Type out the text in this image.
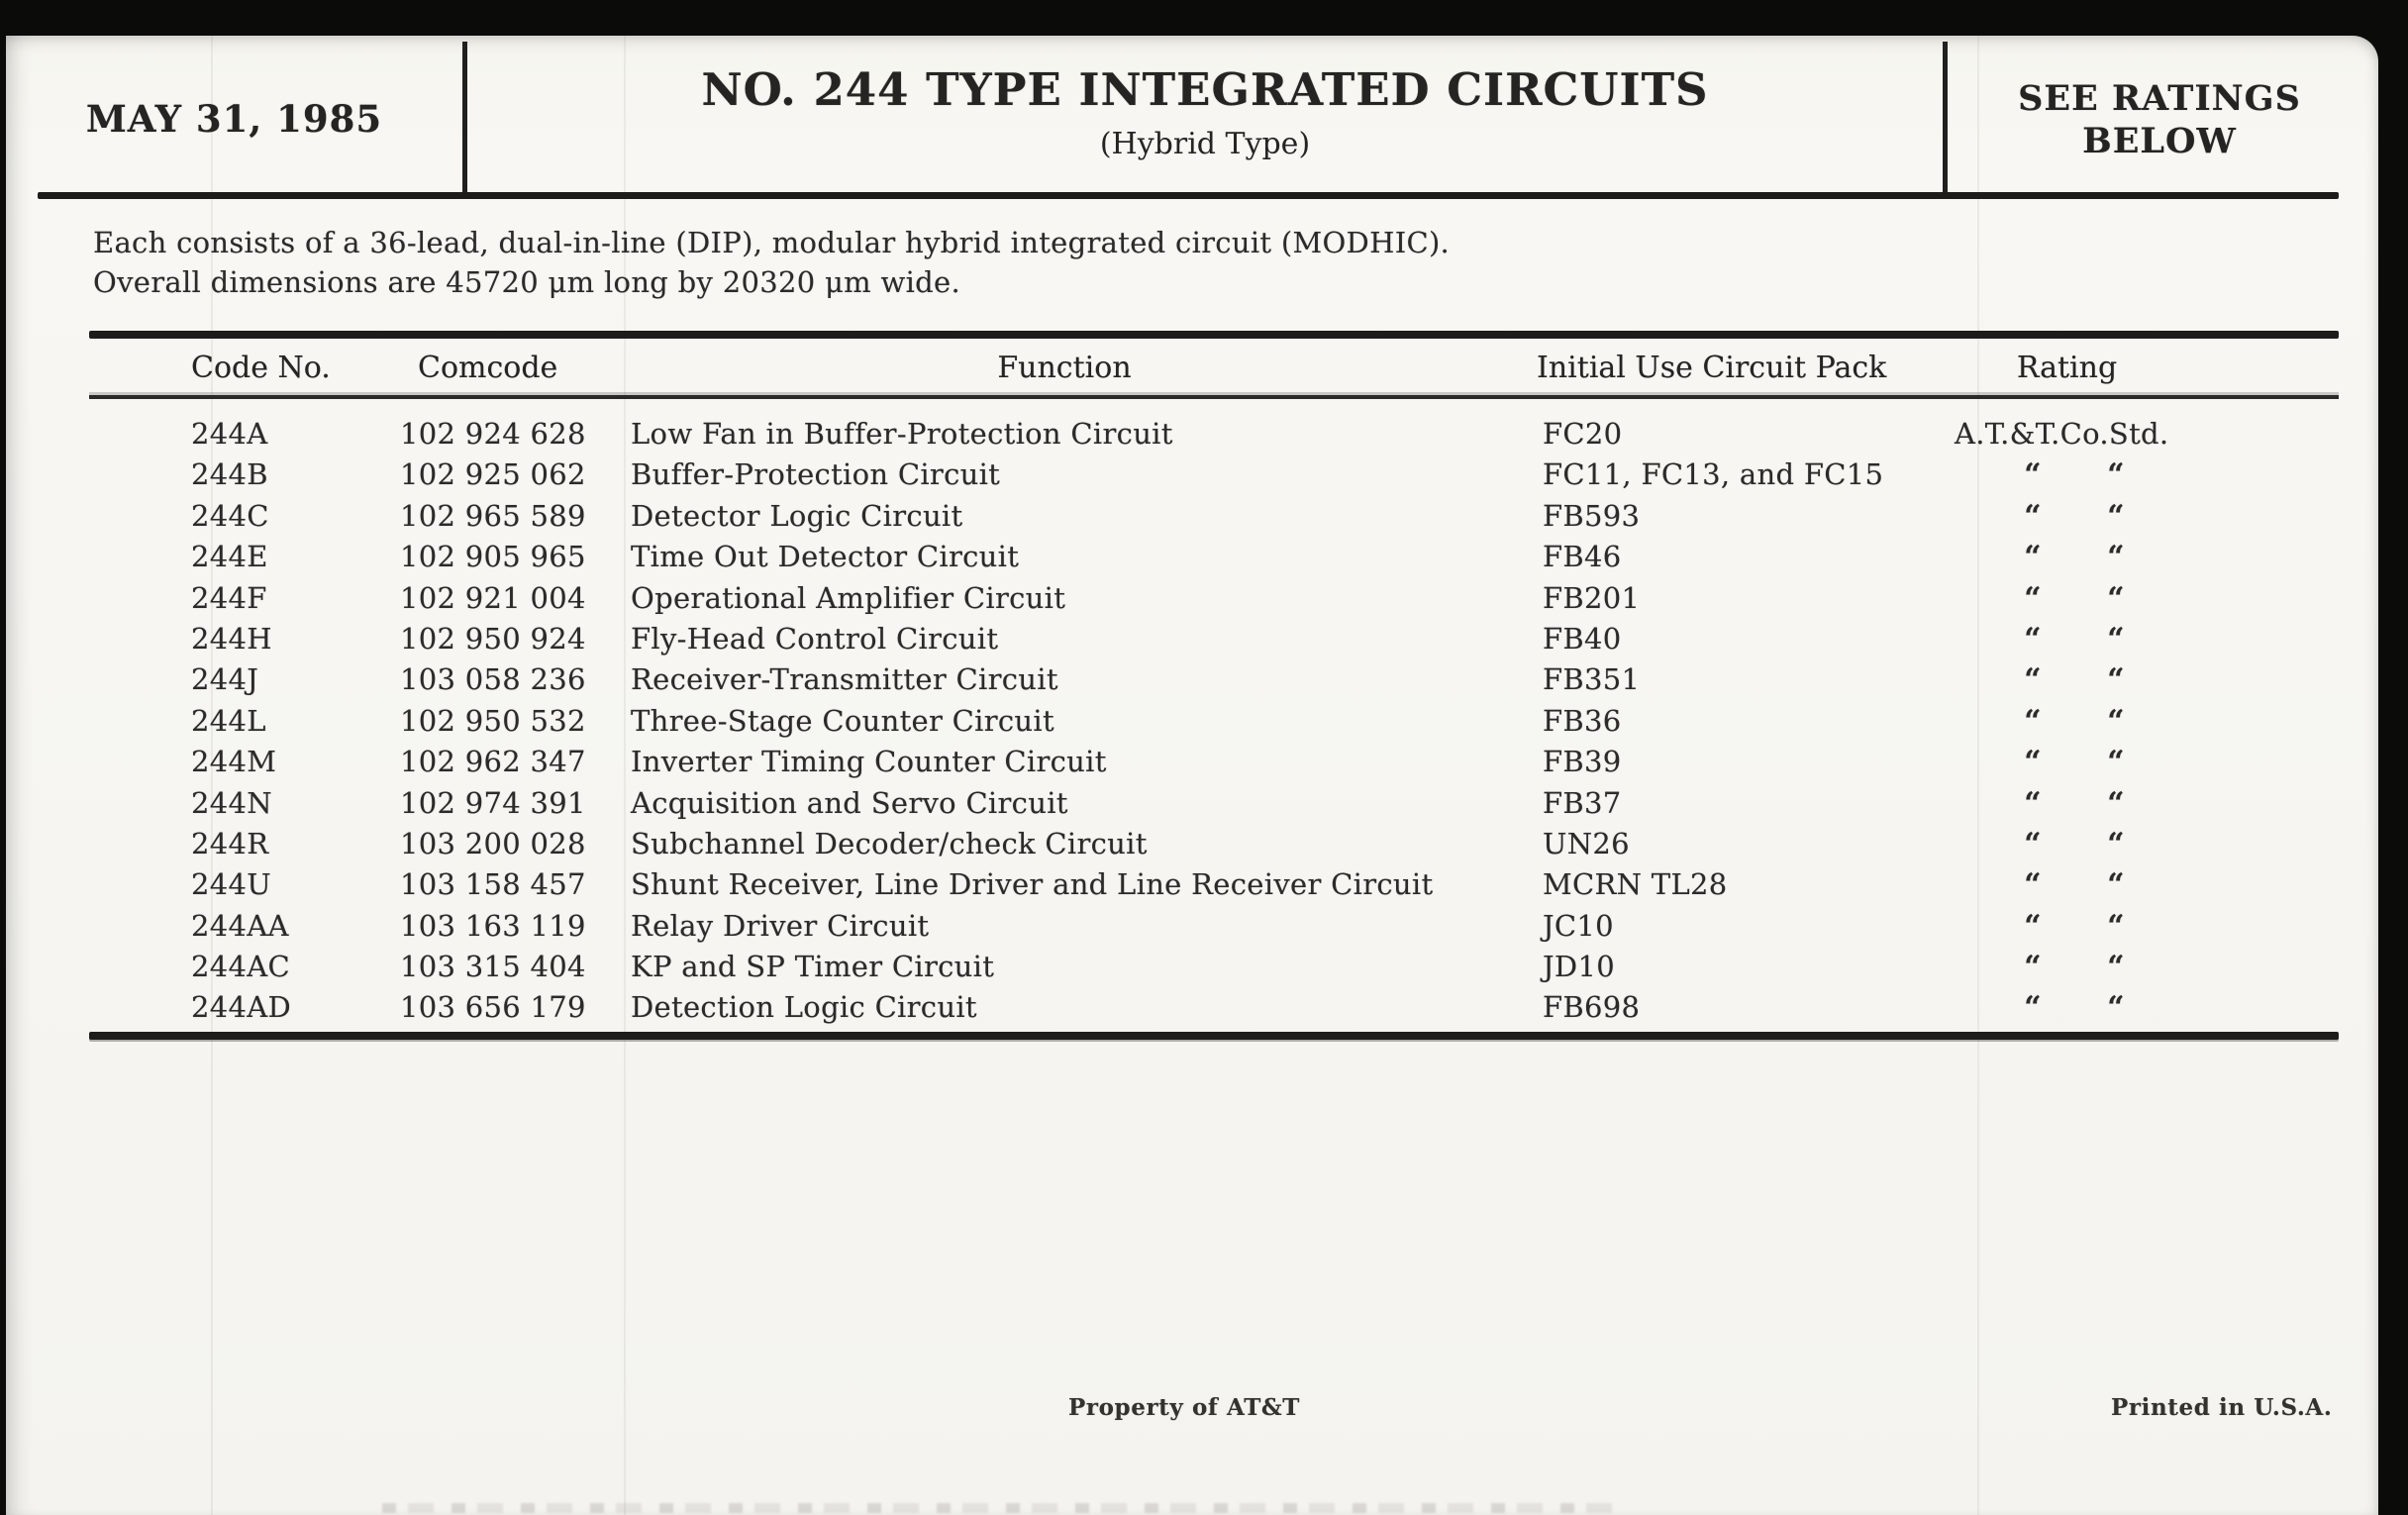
MAY 31, 1985
NO. 244 TYPE INTEGRATED CIRCUITS
(Hybrid Type)
SEE RATINGS
BELOW
Each consists of a 36-lead, dual-in-line (DIP), modular hybrid integrated circuit (MODHIC).
Overall dimensions are 45720 μm long by 20320 μm wide.
Code No.	Comcode	Function	Initial Use Circuit Pack	Rating
244A	102 924 628 Low Fan in Buffer-Protection Circuit	FC20	A.T.&T.Co.Std.
244B	102 925 062 Buffer-Protection Circuit	FC11, FC13, and FC15	“	“
244C	102 965 589 Detector Logic Circuit	FB593	“	“
244E	102 905 965 Time Out Detector Circuit	FB46	“	“
244F	102 921 004 Operational Amplifier Circuit	FB201	“	“
244H	102 950 924 Fly-Head Control Circuit	FB40	“	“
244J	103 058 236 Receiver-Transmitter Circuit	FB351	“	“
244L	102 950 532 Three-Stage Counter Circuit	FB36	“	“
244M	102 962 347 Inverter Timing Counter Circuit	FB39	“	“
244N	102 974 391 Acquisition and Servo Circuit	FB37	“	“
244R	103 200 028 Subchannel Decoder/check Circuit	UN26	“	“
244U	103 158 457 Shunt Receiver, Line Driver and Line Receiver Circuit	MCRN TL28	“	“
244AA	103 163 119 Relay Driver Circuit	JC10	“	“
244AC	103 315 404 KP and SP Timer Circuit	JD10	“	“
244AD	103 656 179 Detection Logic Circuit	FB698	“	“
Property of AT&T	Printed in U.S.A.
